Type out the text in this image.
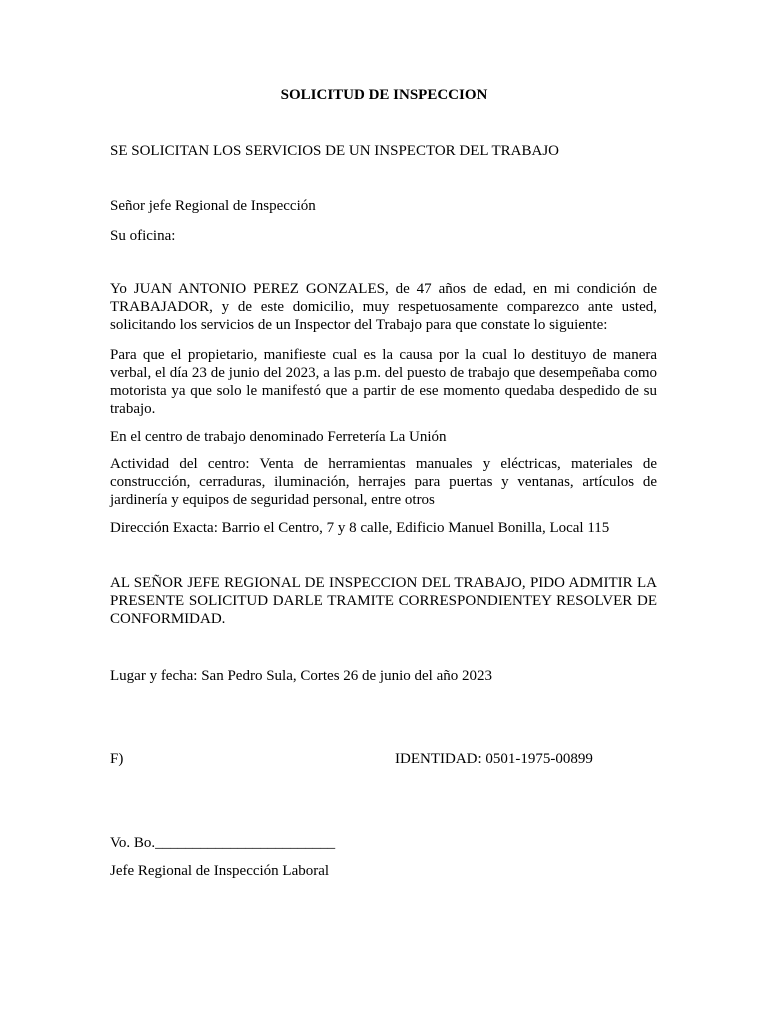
SOLICITUD DE INSPECCION
SE SOLICITAN LOS SERVICIOS DE UN INSPECTOR DEL TRABAJO
Señor jefe Regional de Inspección
Su oficina:
Yo JUAN ANTONIO PEREZ GONZALES, de 47 años de edad, en mi condición de TRABAJADOR, y de este domicilio, muy respetuosamente comparezco ante usted, solicitando los servicios de un Inspector del Trabajo para que constate lo siguiente:
Para que el propietario, manifieste cual es la causa por la cual lo destituyo de manera verbal, el día 23 de junio del 2023, a las p.m. del puesto de trabajo que desempeñaba como motorista ya que solo le manifestó que a partir de ese momento quedaba despedido de su trabajo.
En el centro de trabajo denominado Ferretería La Unión
Actividad del centro: Venta de herramientas manuales y eléctricas, materiales de construcción, cerraduras, iluminación, herrajes para puertas y ventanas, artículos de jardinería y equipos de seguridad personal, entre otros
Dirección Exacta: Barrio el Centro, 7 y 8 calle, Edificio Manuel Bonilla, Local 115
AL SEÑOR JEFE REGIONAL DE INSPECCION DEL TRABAJO, PIDO ADMITIR LA PRESENTE SOLICITUD DARLE TRAMITE CORRESPONDIENTEY RESOLVER DE CONFORMIDAD.
Lugar y fecha: San Pedro Sula, Cortes 26 de junio del año 2023
F)	IDENTIDAD: 0501-1975-00899
Vo. Bo.________________________
Jefe Regional de Inspección Laboral
